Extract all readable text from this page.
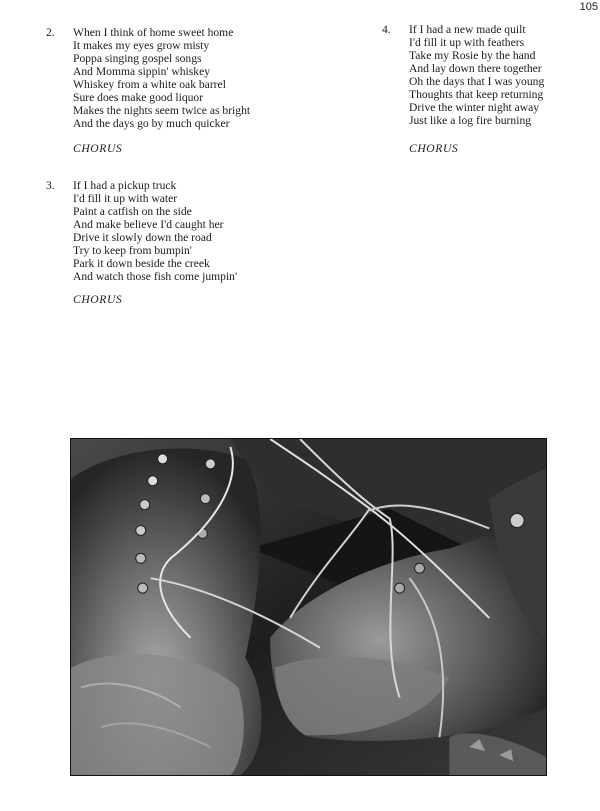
105
2. When I think of home sweet home
It makes my eyes grow misty
Poppa singing gospel songs
And Momma sippin' whiskey
Whiskey from a white oak barrel
Sure does make good liquor
Makes the nights seem twice as bright
And the days go by much quicker
CHORUS
3. If I had a pickup truck
I'd fill it up with water
Paint a catfish on the side
And make believe I'd caught her
Drive it slowly down the road
Try to keep from bumpin'
Park it down beside the creek
And watch those fish come jumpin'
CHORUS
4. If I had a new made quilt
I'd fill it up with feathers
Take my Rosie by the hand
And lay down there together
Oh the days that I was young
Thoughts that keep returning
Drive the winter night away
Just like a log fire burning
CHORUS
